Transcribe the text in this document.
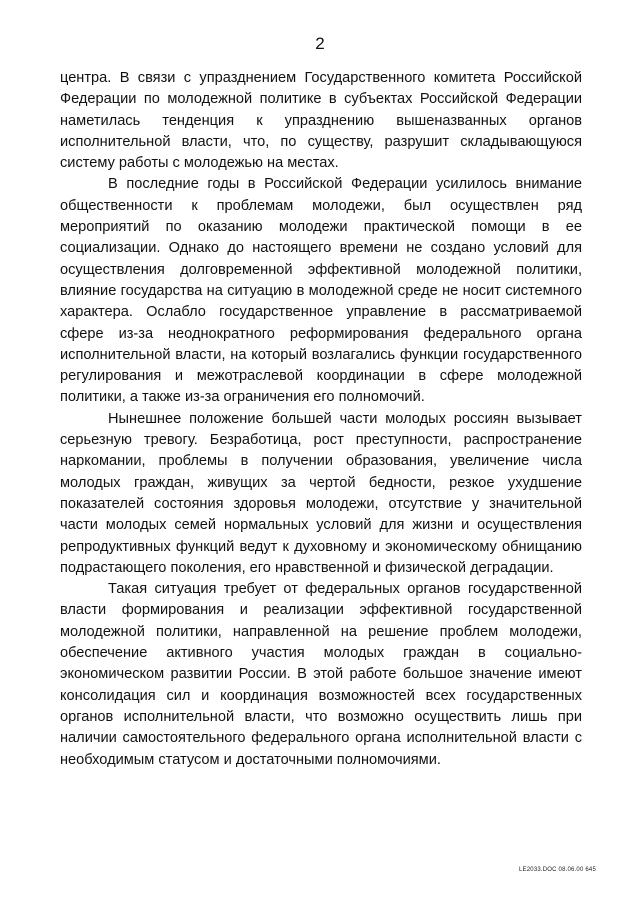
2

центра. В связи с упразднением Государственного комитета Российской Федерации по молодежной политике в субъектах Российской Федерации наметилась тенденция к упразднению вышеназванных органов исполнительной власти, что, по существу, разрушит складывающуюся систему работы с молодежью на местах.

В последние годы в Российской Федерации усилилось внимание общественности к проблемам молодежи, был осуществлен ряд мероприятий по оказанию молодежи практической помощи в ее социализации. Однако до настоящего времени не создано условий для осуществления долговременной эффективной молодежной политики, влияние государства на ситуацию в молодежной среде не носит системного характера. Ослабло государственное управление в рассматриваемой сфере из-за неоднократного реформирования федерального органа исполнительной власти, на который возлагались функции государственного регулирования и межотраслевой координации в сфере молодежной политики, а также из-за ограничения его полномочий.

Нынешнее положение большей части молодых россиян вызывает серьезную тревогу. Безработица, рост преступности, распространение наркомании, проблемы в получении образования, увеличение числа молодых граждан, живущих за чертой бедности, резкое ухудшение показателей состояния здоровья молодежи, отсутствие у значительной части молодых семей нормальных условий для жизни и осуществления репродуктивных функций ведут к духовному и экономическому обнищанию подрастающего поколения, его нравственной и физической деградации.

Такая ситуация требует от федеральных органов государственной власти формирования и реализации эффективной государственной молодежной политики, направленной на решение проблем молодежи, обеспечение активного участия молодых граждан в социально-экономическом развитии России. В этой работе большое значение имеют консолидация сил и координация возможностей всех государственных органов исполнительной власти, что возможно осуществить лишь при наличии самостоятельного федерального органа исполнительной власти с необходимым статусом и достаточными полномочиями.

LE2033.DOC 08.06.00 645
